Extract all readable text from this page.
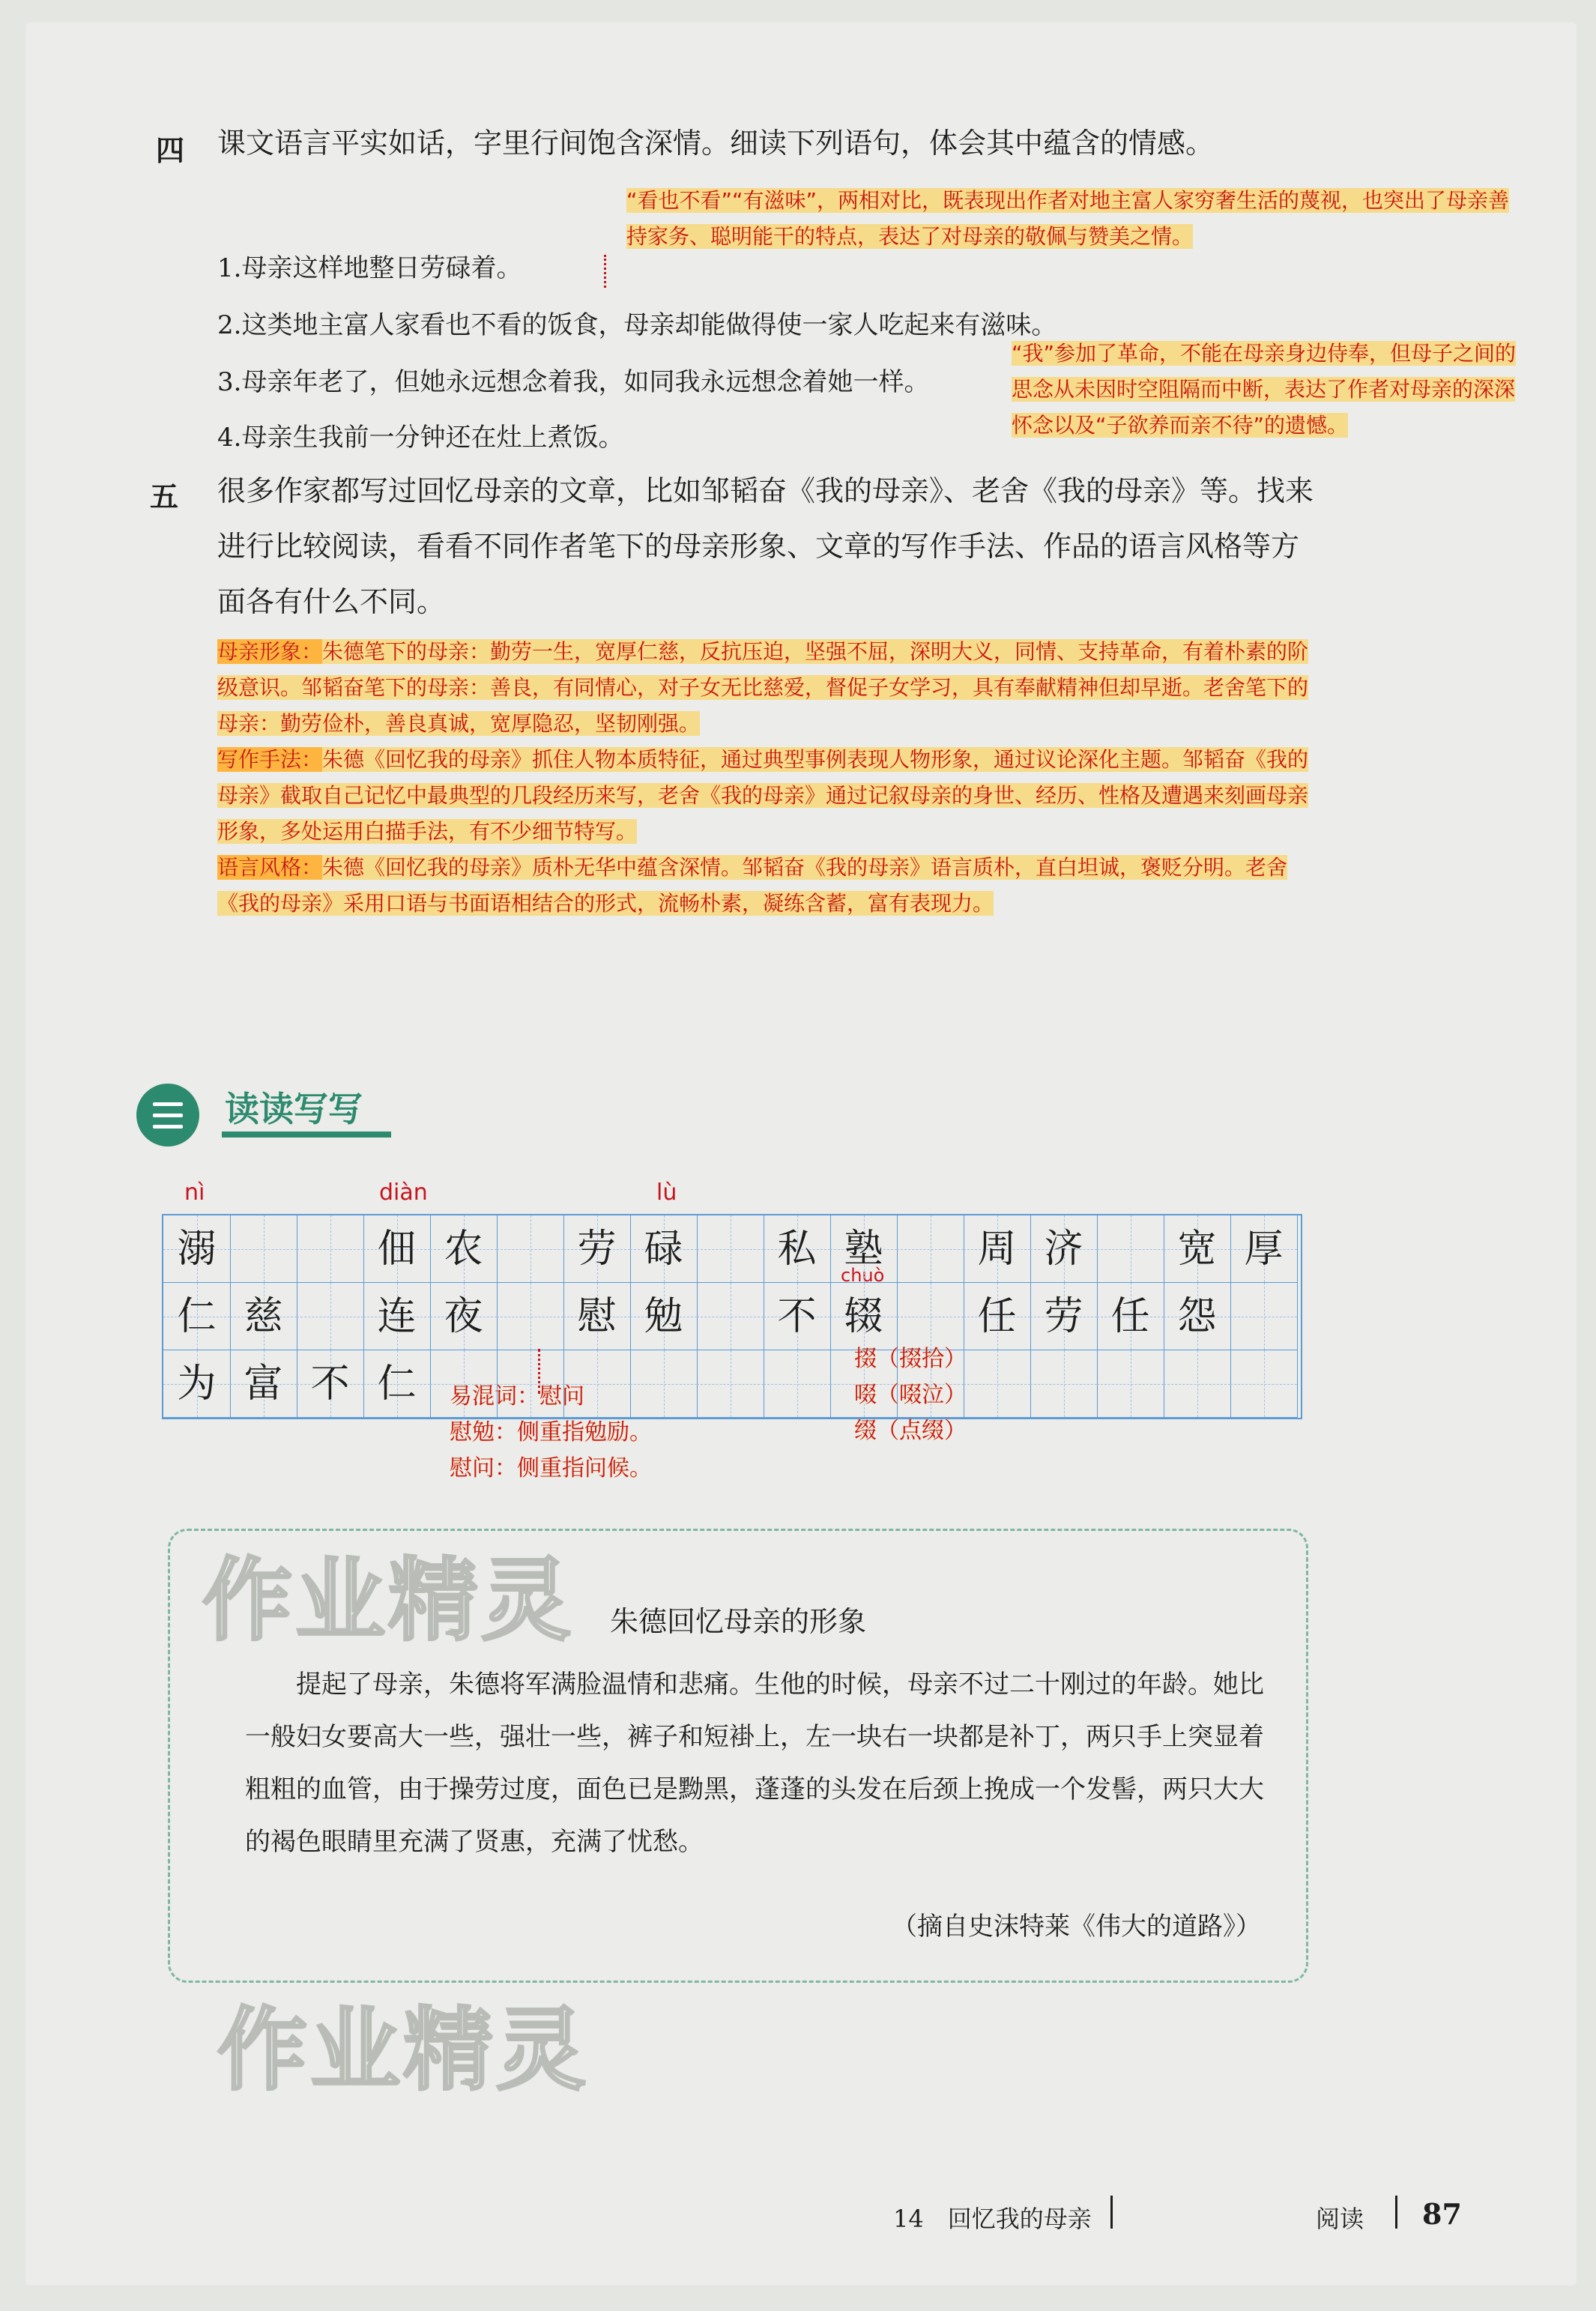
四 课文语言平实如话，字里行间饱含深情。细读下列语句，体会其中蕴含的情感。
1.母亲这样地整日劳碌着。
2.这类地主富人家看也不看的饭食，母亲却能做得使一家人吃起来有滋味。
3.母亲年老了，但她永远想念着我，如同我永远想念着她一样。
4.母亲生我前一分钟还在灶上煮饭。
“看也不看”“有滋味”，两相对比，既表现出作者对地主富人家穷奢生活的蔑视，也突出了母亲善持家务、聪明能干的特点，表达了对母亲的敬佩与赞美之情。
“我”参加了革命，不能在母亲身边侍奉，但母子之间的思念从未因时空阻隔而中断，表达了作者对母亲的深深怀念以及“子欲养而亲不待”的遗憾。
五 很多作家都写过回忆母亲的文章，比如邹韬奋《我的母亲》、老舍《我的母亲》等。找来进行比较阅读，看看不同作者笔下的母亲形象、文章的写作手法、作品的语言风格等方面各有什么不同。

母亲形象：朱德笔下的母亲：勤劳一生，宽厚仁慈，反抗压迫，坚强不屈，深明大义，同情、支持革命，有着朴素的阶级意识。邹韬奋笔下的母亲：善良，有同情心，对子女无比慈爱，督促子女学习，具有奉献精神但却早逝。老舍笔下的母亲：勤劳俭朴，善良真诚，宽厚隐忍，坚韧刚强。

写作手法：朱德《回忆我的母亲》抓住人物本质特征，通过典型事例表现人物形象，通过议论深化主题。邹韬奋《我的母亲》截取自己记忆中最典型的几段经历来写，老舍《我的母亲》通过记叙母亲的身世、经历、性格及遭遇来刻画母亲形象，多处运用白描手法，有不少细节特写。

语言风格：朱德《回忆我的母亲》质朴无华中蕴含深情。邹韬奋《我的母亲》语言质朴，直白坦诚，褒贬分明。老舍《我的母亲》采用口语与书面语相结合的形式，流畅朴素，凝练含蓄，富有表现力。

读读写写
nì	diàn	lù
chuò
溺	佃 农	劳 碌	私 塾	周 济	宽 厚
仁 慈	连 夜	慰 勉	不 辍	任 劳 任 怨
为 富 不 仁	易混词：慰问

慰勉：侧重指勉励。

慰问：侧重指问候。

掇（掇拾）

啜（啜泣）

缀（点缀）

朱德回忆母亲的形象
提起了母亲，朱德将军满脸温情和悲痛。生他的时候，母亲不过二十刚过的年龄。她比一般妇女要高大一些，强壮一些，裤子和短褂上，左一块右一块都是补丁，两只手上突显着粗粗的血管，由于操劳过度，面色已是黝黑，蓬蓬的头发在后颈上挽成一个发髻，两只大大的褐色眼睛里充满了贤惠，充满了忧愁。
（摘自史沫特莱《伟大的道路》）
作业精灵
作业精灵
14　回忆我的母亲	阅读 87
